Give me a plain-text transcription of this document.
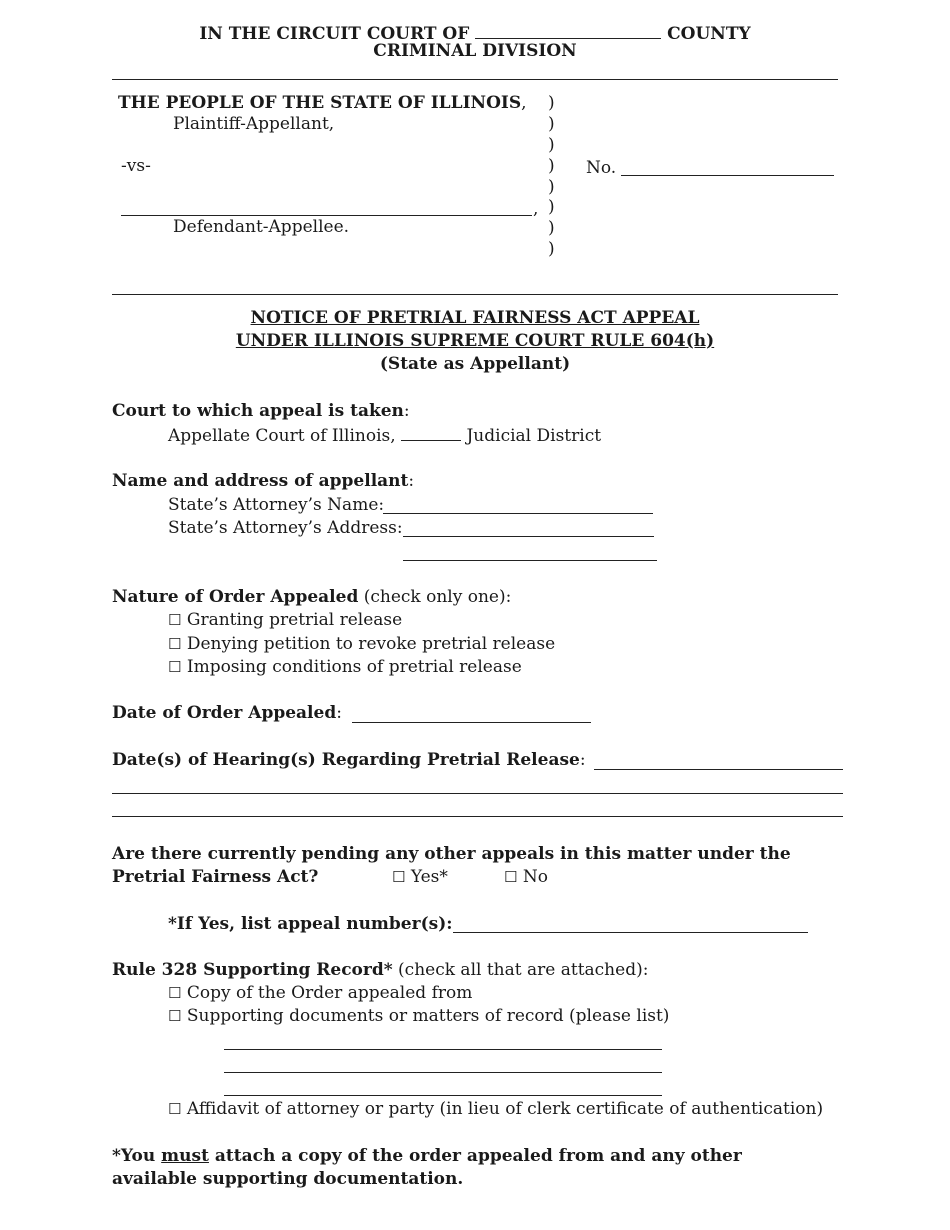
IN THE CIRCUIT COURT OF	COUNTY
CRIMINAL DIVISION
THE PEOPLE OF THE STATE OF ILLINOIS,
Plaintiff-Appellant,
-vs-
,
Defendant-Appellee.
)
)
)
)
)
)
)
)
No.
NOTICE OF PRETRIAL FAIRNESS ACT APPEAL
UNDER ILLINOIS SUPREME COURT RULE 604(h)
(State as Appellant)
Court to which appeal is taken:
Appellate Court of Illinois,	Judicial District
Name and address of appellant:
State’s Attorney’s Name:
State’s Attorney’s Address:
Nature of Order Appealed (check only one):
☐ Granting pretrial release
☐ Denying petition to revoke pretrial release
☐ Imposing conditions of pretrial release
Date of Order Appealed:
Date(s) of Hearing(s) Regarding Pretrial Release:
Are there currently pending any other appeals in this matter under the
Pretrial Fairness Act?	☐ Yes*	☐ No
*If Yes, list appeal number(s):
Rule 328 Supporting Record* (check all that are attached):
☐ Copy of the Order appealed from
☐ Supporting documents or matters of record (please list)
☐ Affidavit of attorney or party (in lieu of clerk certificate of authentication)
*You must attach a copy of the order appealed from and any other
available supporting documentation.
